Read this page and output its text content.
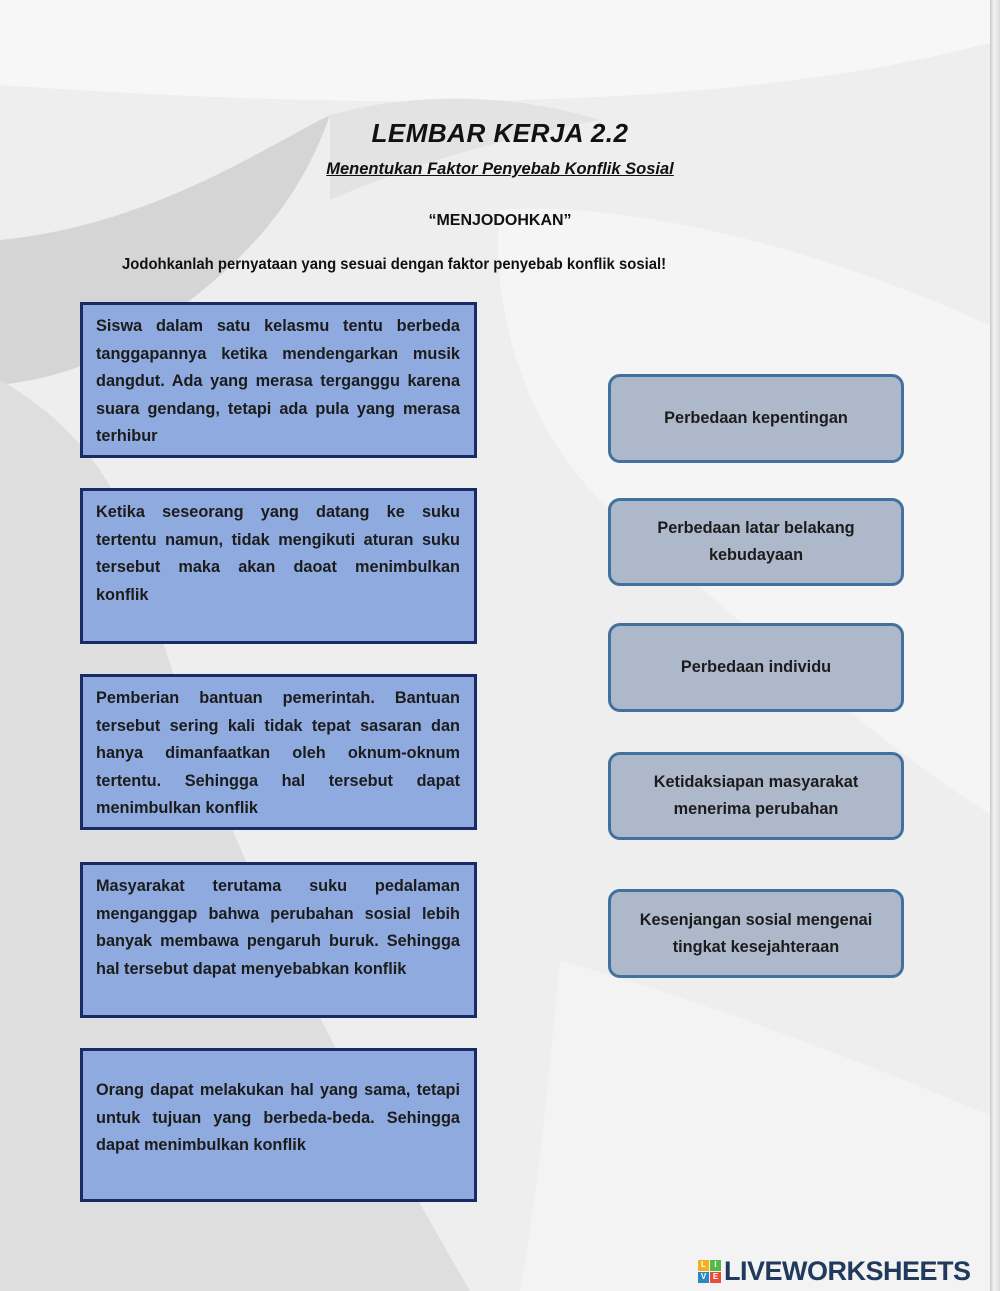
LEMBAR KERJA 2.2
Menentukan Faktor Penyebab Konflik Sosial
“MENJODOHKAN”
Jodohkanlah pernyataan yang sesuai dengan faktor penyebab konflik sosial!
Siswa dalam satu kelasmu tentu berbeda tanggapannya ketika mendengarkan musik dangdut. Ada yang merasa terganggu karena suara gendang, tetapi ada pula yang merasa terhibur
Ketika seseorang yang datang ke suku tertentu namun, tidak mengikuti aturan suku tersebut maka akan daoat menimbulkan konflik
Pemberian bantuan pemerintah. Bantuan tersebut sering kali tidak tepat sasaran dan hanya dimanfaatkan oleh oknum-oknum tertentu. Sehingga hal tersebut dapat menimbulkan konflik
Masyarakat terutama suku pedalaman menganggap bahwa perubahan sosial lebih banyak membawa pengaruh buruk. Sehingga hal tersebut dapat menyebabkan konflik
Orang dapat melakukan hal yang sama, tetapi untuk tujuan yang berbeda-beda. Sehingga dapat menimbulkan konflik
Perbedaan kepentingan
Perbedaan latar belakang kebudayaan
Perbedaan individu
Ketidaksiapan masyarakat menerima perubahan
Kesenjangan sosial mengenai tingkat kesejahteraan
L	I
V E LIVEWORKSHEETS
